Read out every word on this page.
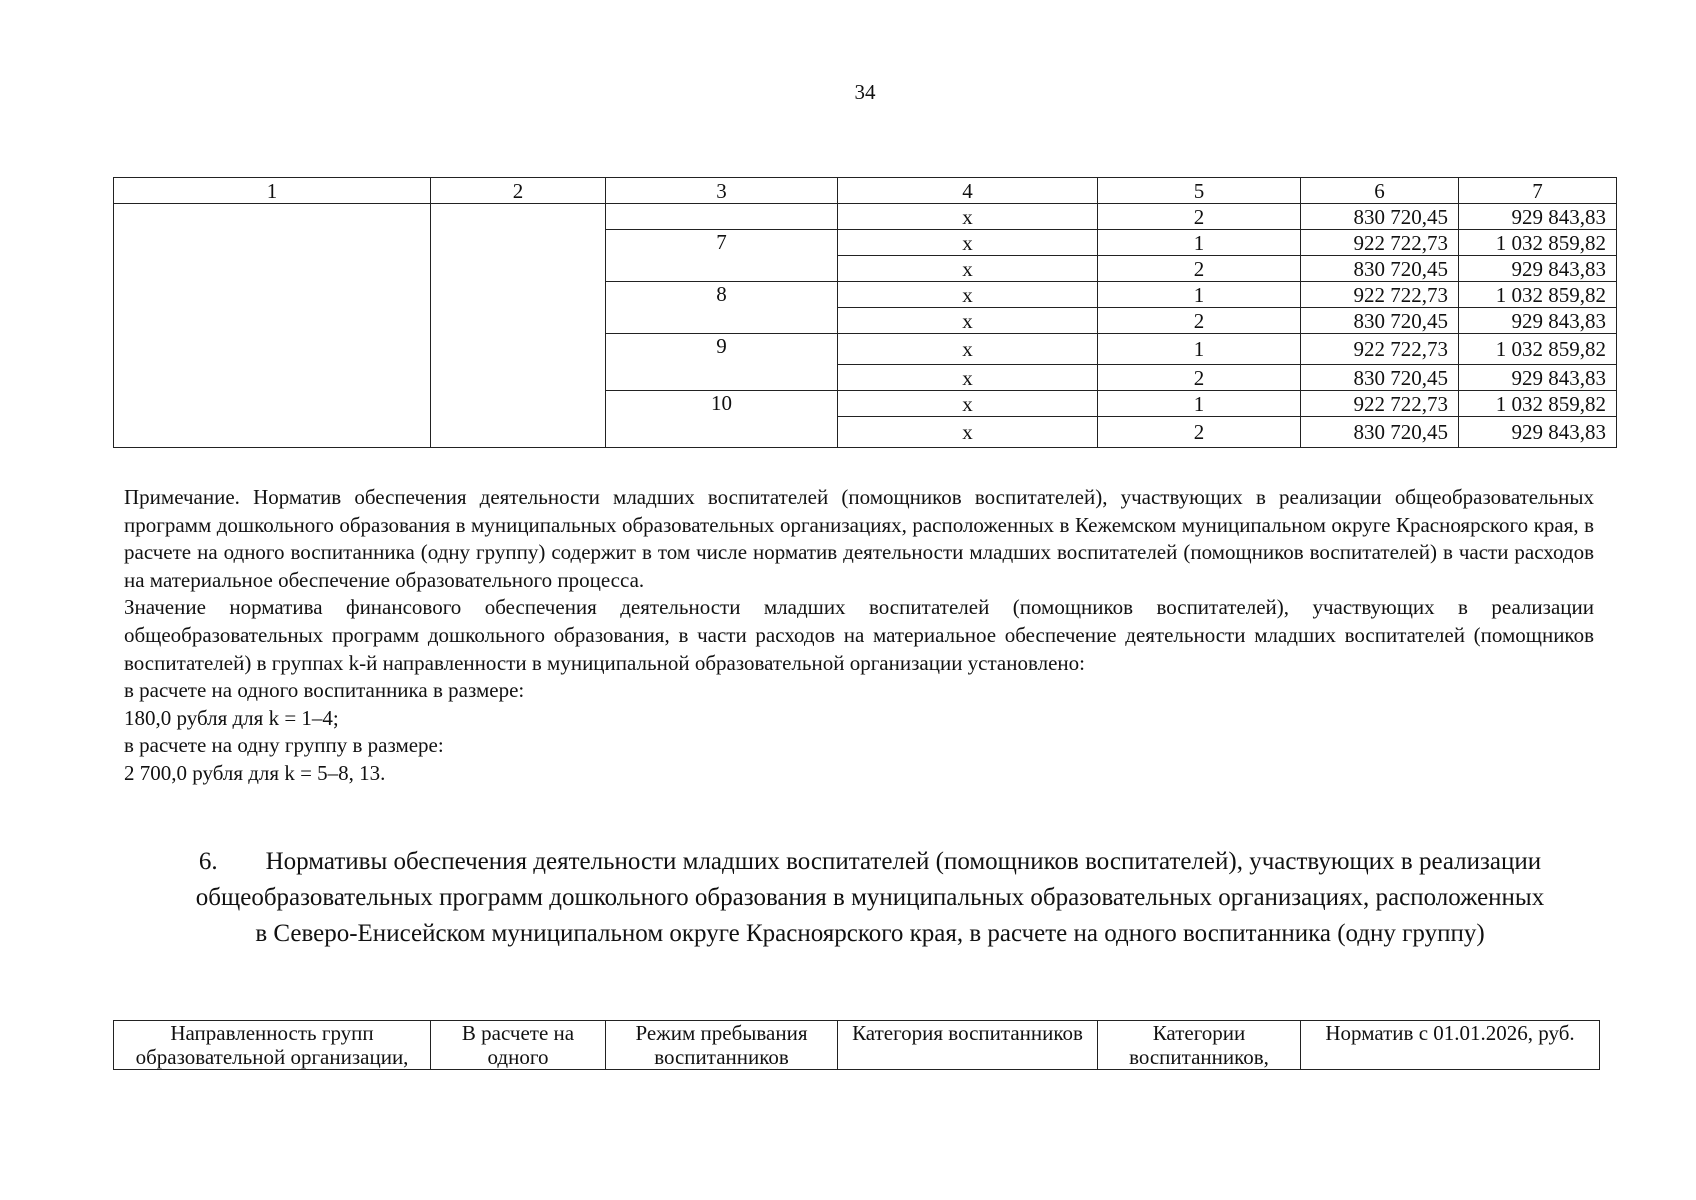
34
1	2	3	4	5	6	7
			x	2	830 720,45	929 843,83
		7	x	1	922 722,73	1 032 859,82
			x	2	830 720,45	929 843,83
		8	x	1	922 722,73	1 032 859,82
			x	2	830 720,45	929 843,83
		9	x	1	922 722,73	1 032 859,82
			x	2	830 720,45	929 843,83
		10	x	1	922 722,73	1 032 859,82
			x	2	830 720,45	929 843,83

Примечание. Норматив обеспечения деятельности младших воспитателей (помощников воспитателей), участвующих в реализации общеобразовательных программ дошкольного образования в муниципальных образовательных организациях, расположенных в Кежемском муниципальном округе Красноярского края, в расчете на одного воспитанника (одну группу) содержит в том числе норматив деятельности младших воспитателей (помощников воспитателей) в части расходов на материальное обеспечение образовательного процесса.

Значение норматива финансового обеспечения деятельности младших воспитателей (помощников воспитателей), участвующих в реализации общеобразовательных программ дошкольного образования, в части расходов на материальное обеспечение деятельности младших воспитателей (помощников воспитателей) в группах k-й направленности в муниципальной образовательной организации установлено:

в расчете на одного воспитанника в размере:

180,0 рубля для k = 1–4;

в расчете на одну группу в размере:

2 700,0 рубля для k = 5–8, 13.

6. Нормативы обеспечения деятельности младших воспитателей (помощников воспитателей), участвующих в реализации общеобразовательных программ дошкольного образования в муниципальных образовательных организациях, расположенных в Северо-Енисейском муниципальном округе Красноярского края, в расчете на одного воспитанника (одну группу)
Направленность групп образовательной организации,	В расчете на одного	Режим пребывания воспитанников	Категория воспитанников	Категории воспитанников,	Норматив с 01.01.2026, руб.
